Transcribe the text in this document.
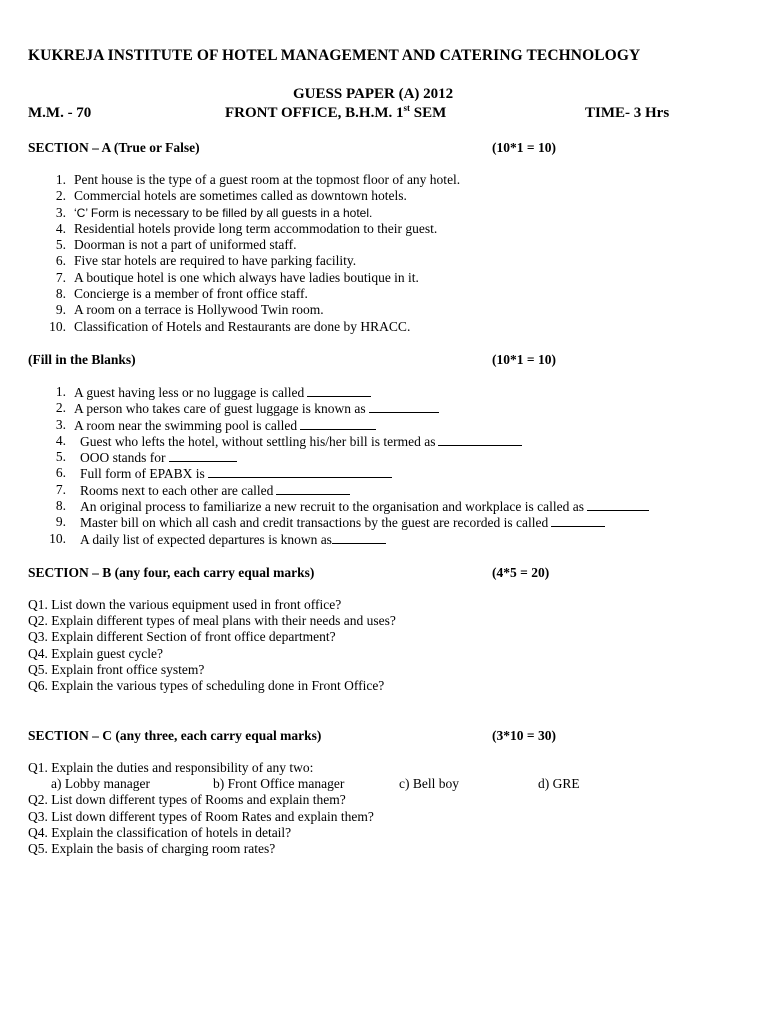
KUKREJA INSTITUTE OF HOTEL MANAGEMENT AND CATERING TECHNOLOGY
GUESS PAPER (A) 2012
M.M. - 70	FRONT OFFICE, B.H.M. 1st SEM	TIME- 3 Hrs
SECTION – A (True or False)	(10*1 = 10)
1. Pent house is the type of a guest room at the topmost floor of any hotel.
2. Commercial hotels are sometimes called as downtown hotels.
3. ‘C’ Form is necessary to be filled by all guests in a hotel.
4. Residential hotels provide long term accommodation to their guest.
5. Doorman is not a part of uniformed staff.
6. Five star hotels are required to have parking facility.
7. A boutique hotel is one which always have ladies boutique in it.
8. Concierge is a member of front office staff.
9. A room on a terrace is Hollywood Twin room.
10. Classification of Hotels and Restaurants are done by HRACC.
(Fill in the Blanks)	(10*1 = 10)
1. A guest having less or no luggage is called
2. A person who takes care of guest luggage is known as
3. A room near the swimming pool is called
4. Guest who lefts the hotel, without settling his/her bill is termed as
5. OOO stands for
6. Full form of EPABX is
7. Rooms next to each other are called
8. An original process to familiarize a new recruit to the organisation and workplace is called as
9. Master bill on which all cash and credit transactions by the guest are recorded is called
10. A daily list of expected departures is known as
SECTION – B (any four, each carry equal marks)	(4*5 = 20)
Q1. List down the various equipment used in front office?
Q2. Explain different types of meal plans with their needs and uses?
Q3. Explain different Section of front office department?
Q4. Explain guest cycle?
Q5. Explain front office system?
Q6. Explain the various types of scheduling done in Front Office?
SECTION – C (any three, each carry equal marks)	(3*10 = 30)
Q1. Explain the duties and responsibility of any two:
a) Lobby manager	b) Front Office manager	c) Bell boy	d) GRE
Q2. List down different types of Rooms and explain them?
Q3. List down different types of Room Rates and explain them?
Q4. Explain the classification of hotels in detail?
Q5. Explain the basis of charging room rates?
